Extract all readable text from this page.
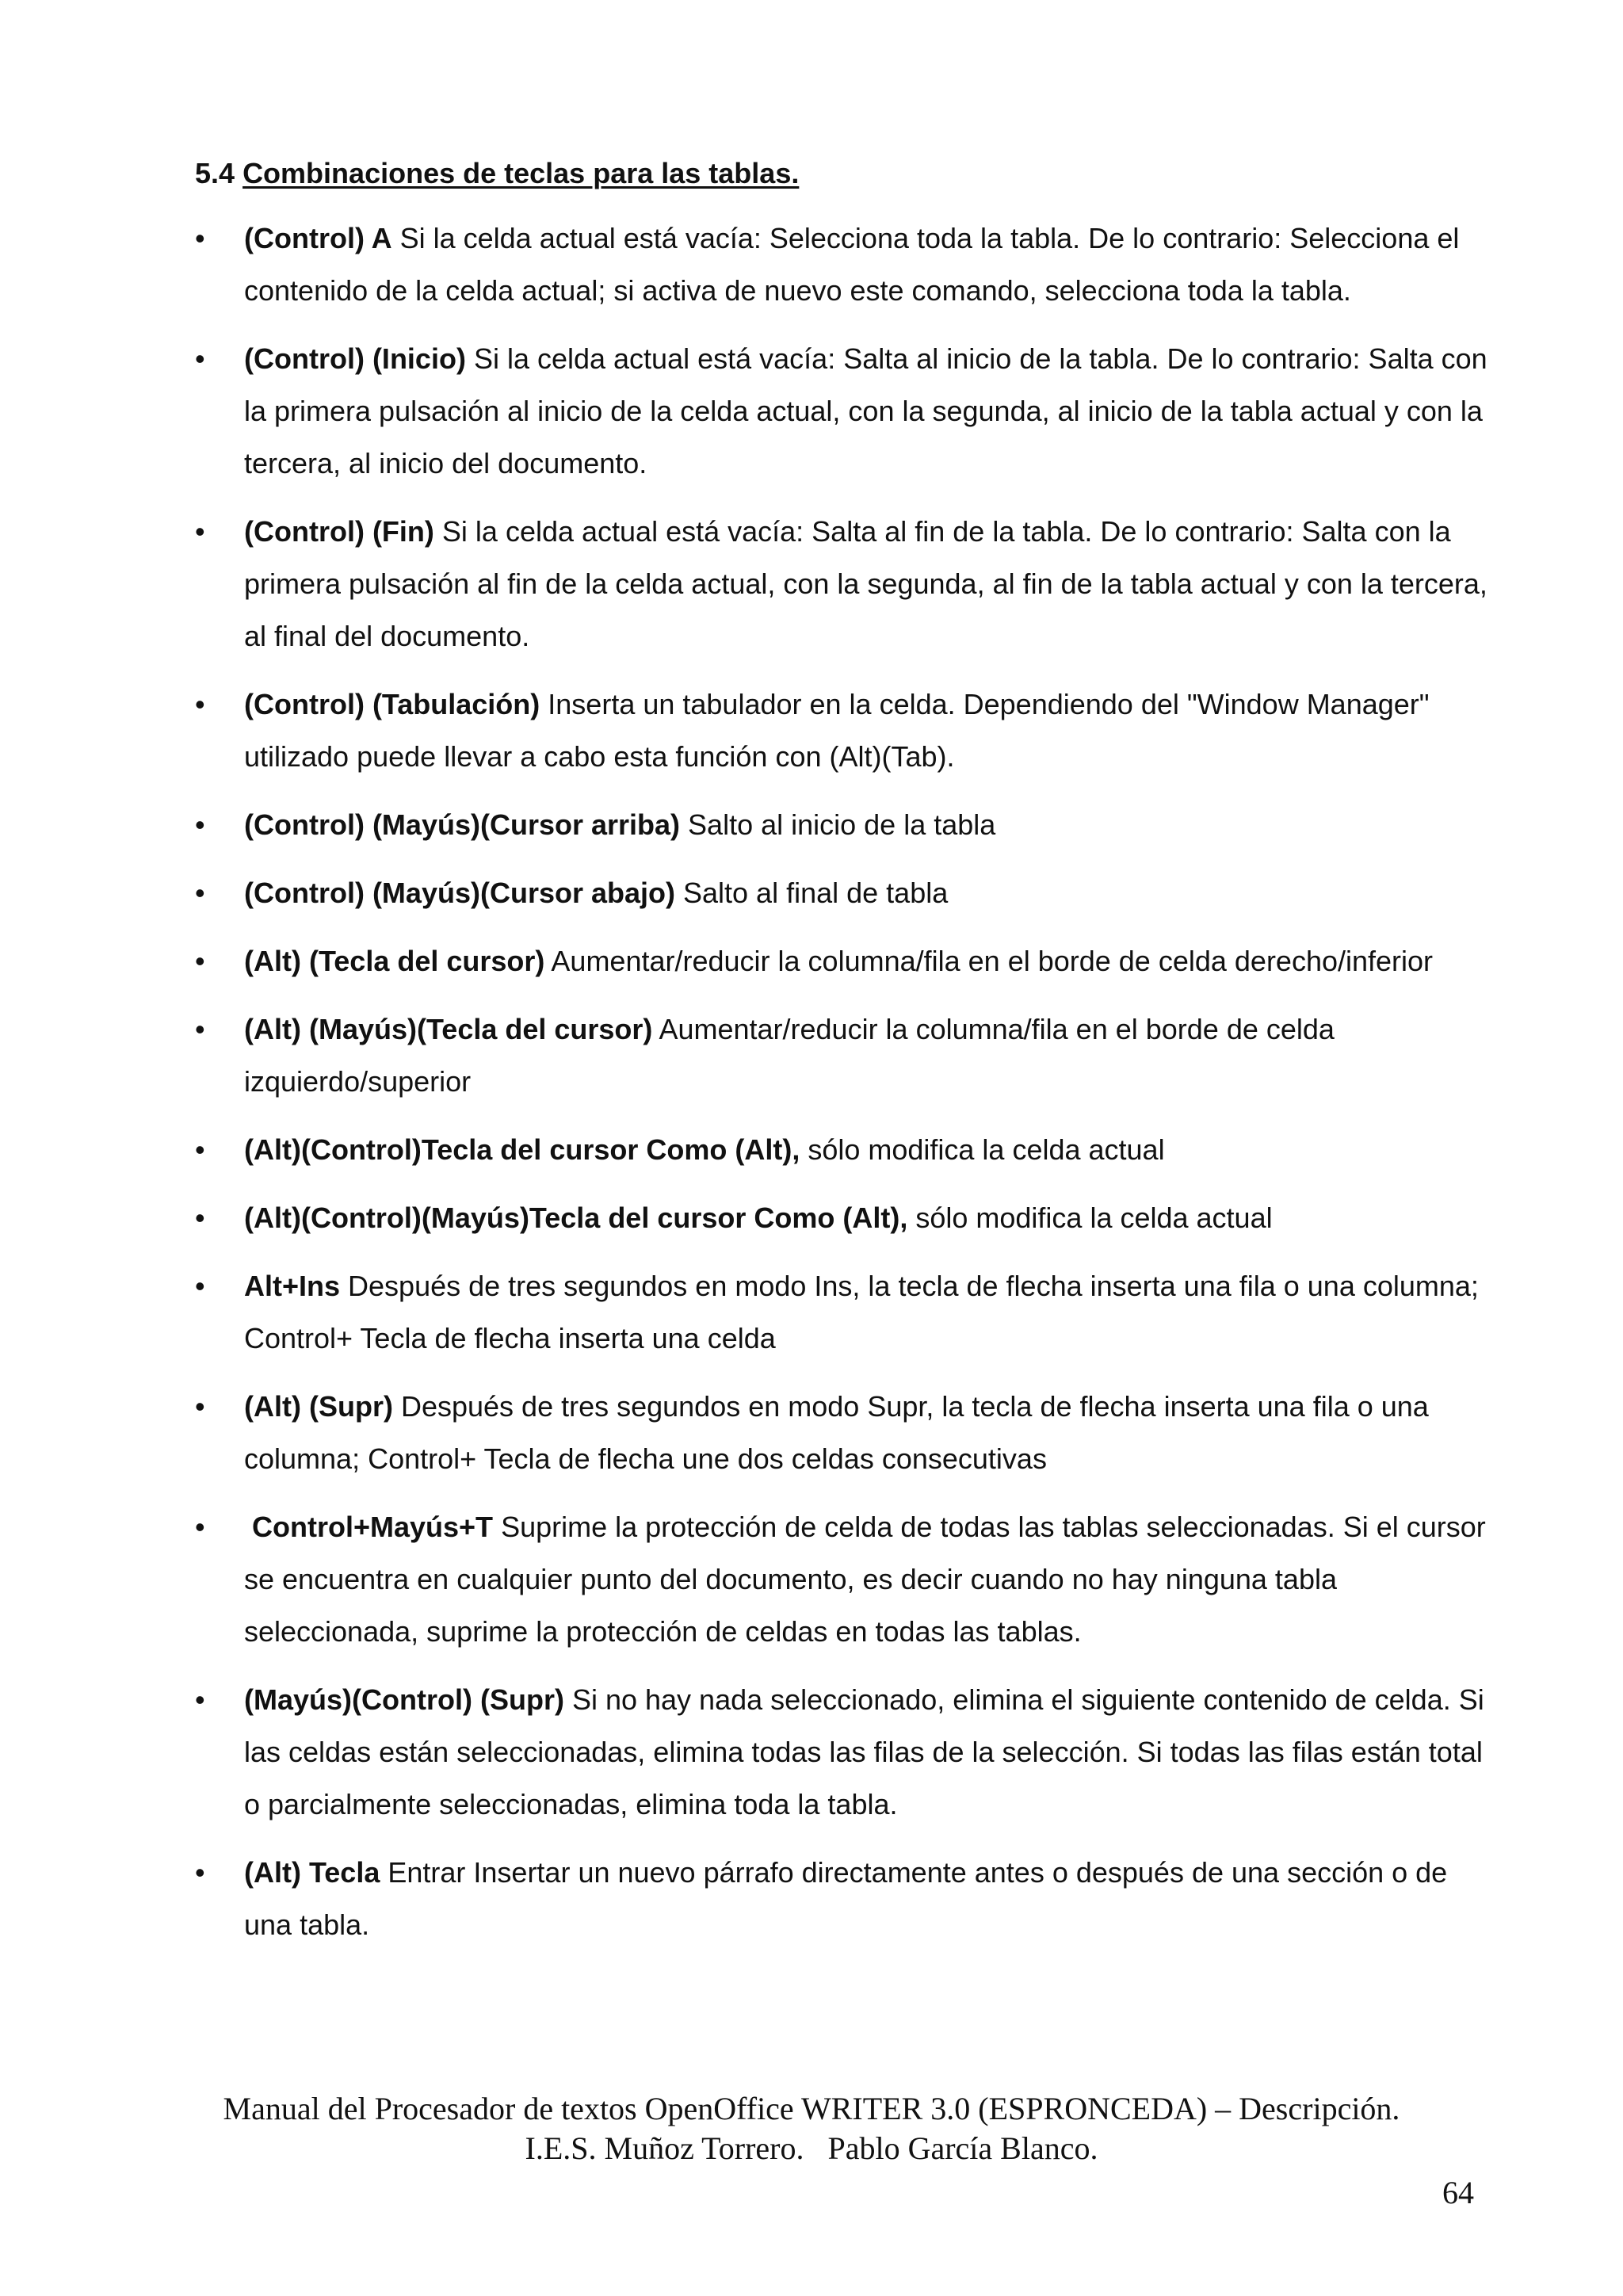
5.4 Combinaciones de teclas para las tablas.
•	(Control) A Si la celda actual está vacía: Selecciona toda la tabla. De lo contrario: Selecciona el contenido de la celda actual; si activa de nuevo este comando, selecciona toda la tabla.
•	(Control) (Inicio) Si la celda actual está vacía: Salta al inicio de la tabla. De lo contrario: Salta con la primera pulsación al inicio de la celda actual, con la segunda, al inicio de la tabla actual y con la tercera, al inicio del documento.
•	(Control) (Fin) Si la celda actual está vacía: Salta al fin de la tabla. De lo contrario: Salta con la primera pulsación al fin de la celda actual, con la segunda, al fin de la tabla actual y con la tercera, al final del documento.
•	(Control) (Tabulación) Inserta un tabulador en la celda. Dependiendo del "Window Manager" utilizado puede llevar a cabo esta función con (Alt)(Tab).
•	(Control) (Mayús)(Cursor arriba) Salto al inicio de la tabla
•	(Control) (Mayús)(Cursor abajo) Salto al final de tabla
•	(Alt) (Tecla del cursor) Aumentar/reducir la columna/fila en el borde de celda derecho/inferior
•	(Alt) (Mayús)(Tecla del cursor) Aumentar/reducir la columna/fila en el borde de celda izquierdo/superior
•	(Alt)(Control)Tecla del cursor Como (Alt), sólo modifica la celda actual
•	(Alt)(Control)(Mayús)Tecla del cursor Como (Alt), sólo modifica la celda actual
•	Alt+Ins Después de tres segundos en modo Ins, la tecla de flecha inserta una fila o una columna; Control+ Tecla de flecha inserta una celda
•	(Alt) (Supr) Después de tres segundos en modo Supr, la tecla de flecha inserta una fila o una columna; Control+ Tecla de flecha une dos celdas consecutivas
•	Control+Mayús+T Suprime la protección de celda de todas las tablas seleccionadas. Si el cursor se encuentra en cualquier punto del documento, es decir cuando no hay ninguna tabla seleccionada, suprime la protección de celdas en todas las tablas.
•	(Mayús)(Control) (Supr) Si no hay nada seleccionado, elimina el siguiente contenido de celda. Si las celdas están seleccionadas, elimina todas las filas de la selección. Si todas las filas están total o parcialmente seleccionadas, elimina toda la tabla.
•	(Alt) Tecla Entrar Insertar un nuevo párrafo directamente antes o después de una sección o de una tabla.
Manual del Procesador de textos OpenOffice WRITER 3.0 (ESPRONCEDA) – Descripción.
I.E.S. Muñoz Torrero.   Pablo García Blanco.
64
